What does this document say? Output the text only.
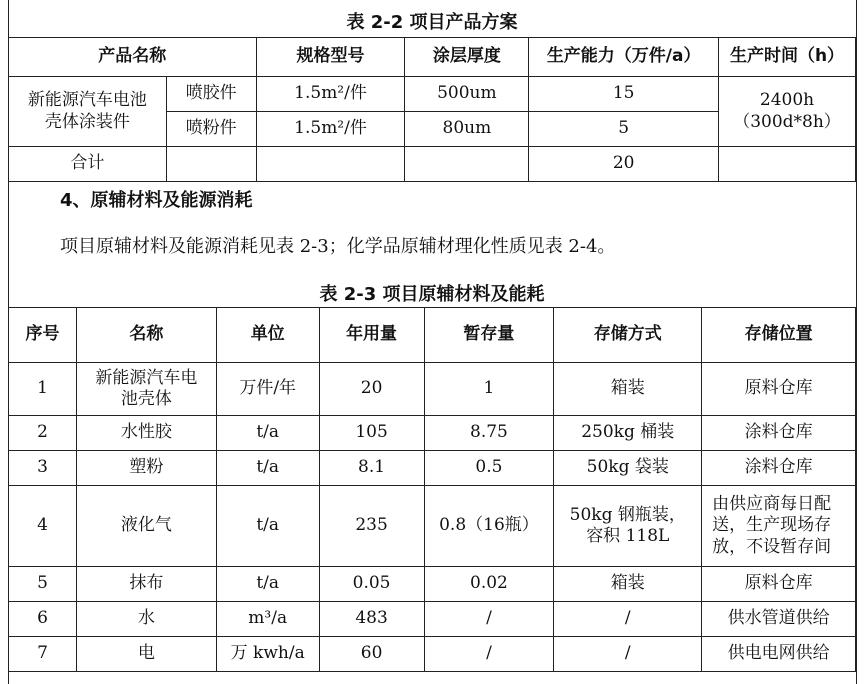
表 2-2 项目产品方案
产品名称		规格型号	涂层厚度	生产能力（万件/a）	生产时间（h）
新能源汽车电池壳体涂装件	喷胶件	1.5m²/件	500um	15	2400h
（300d*8h）

	喷粉件	1.5m²/件	80um	5	
合计				20	
4、原辅材料及能源消耗
项目原辅材料及能源消耗见表 2-3；化学品原辅材理化性质见表 2-4。
表 2-3 项目原辅材料及能耗
序号	名称	单位	年用量	暂存量	存储方式	存储位置
1	新能源汽车电池壳体	万件/年	20	1	箱装	原料仓库
2	水性胶	t/a	105	8.75	250kg 桶装	涂料仓库
3	塑粉	t/a	8.1	0.5	50kg 袋装	涂料仓库
4	液化气	t/a	235	0.8（16瓶）	50kg 钢瓶装，容积 118L	由供应商每日配送，生产现场存放，不设暂存间
5	抹布	t/a	0.05	0.02	箱装	原料仓库
6	水	m³/a	483	/	/	供水管道供给
7	电	万 kwh/a	60	/	/	供电电网供给
